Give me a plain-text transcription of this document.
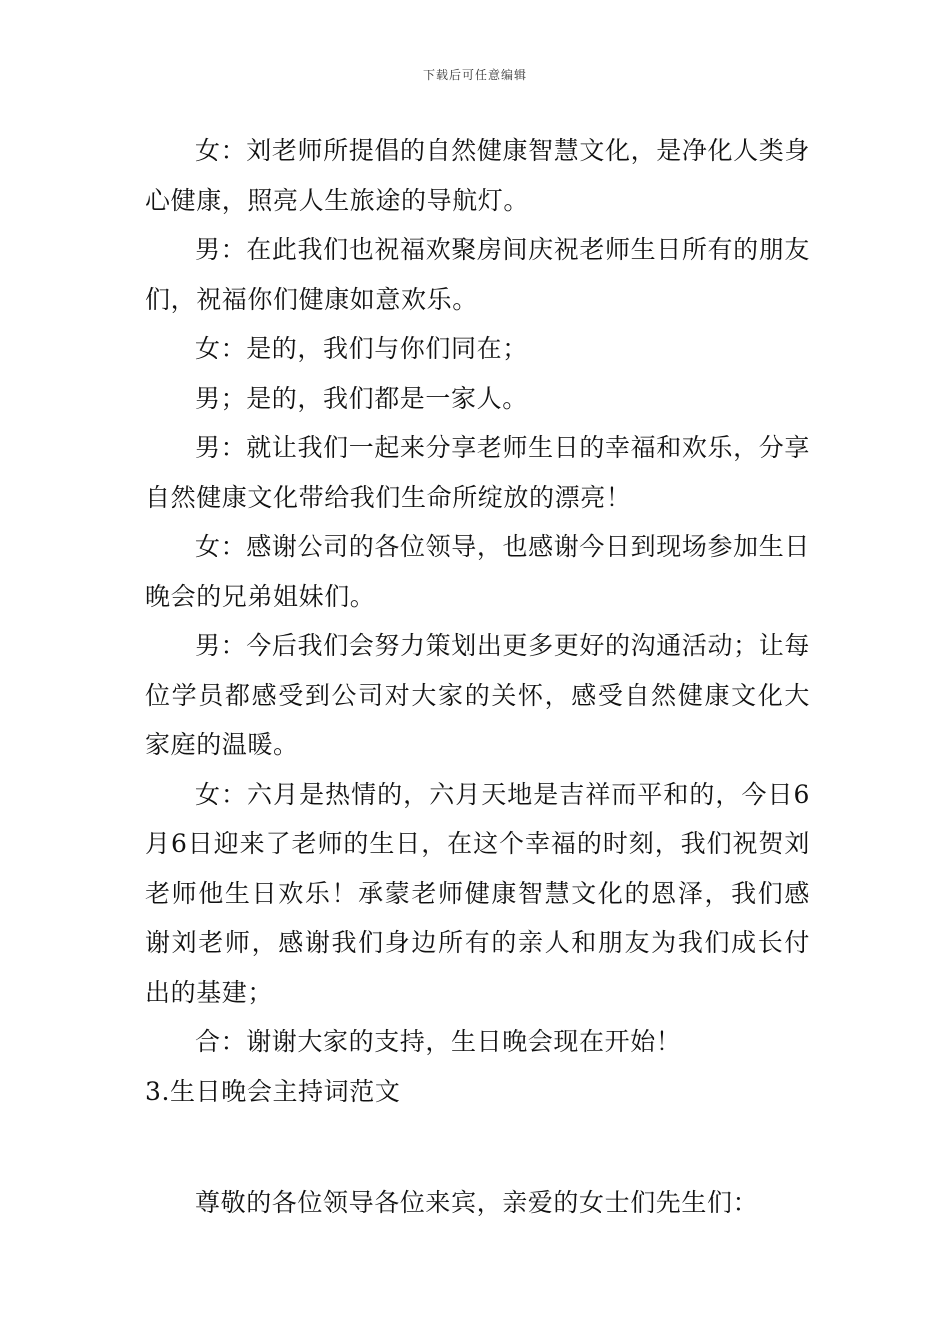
下载后可任意编辑

女：刘老师所提倡的自然健康智慧文化，是净化人类身心健康，照亮人生旅途的导航灯。

男：在此我们也祝福欢聚房间庆祝老师生日所有的朋友们，祝福你们健康如意欢乐。

女：是的，我们与你们同在；

男；是的，我们都是一家人。

男：就让我们一起来分享老师生日的幸福和欢乐，分享自然健康文化带给我们生命所绽放的漂亮！

女：感谢公司的各位领导，也感谢今日到现场参加生日晚会的兄弟姐妹们。

男：今后我们会努力策划出更多更好的沟通活动；让每位学员都感受到公司对大家的关怀，感受自然健康文化大家庭的温暖。

女：六月是热情的，六月天地是吉祥而平和的，今日6月6日迎来了老师的生日，在这个幸福的时刻，我们祝贺刘老师他生日欢乐！承蒙老师健康智慧文化的恩泽，我们感谢刘老师，感谢我们身边所有的亲人和朋友为我们成长付出的基建；

合：谢谢大家的支持，生日晚会现在开始！

3.生日晚会主持词范文

尊敬的各位领导各位来宾，亲爱的女士们先生们：
